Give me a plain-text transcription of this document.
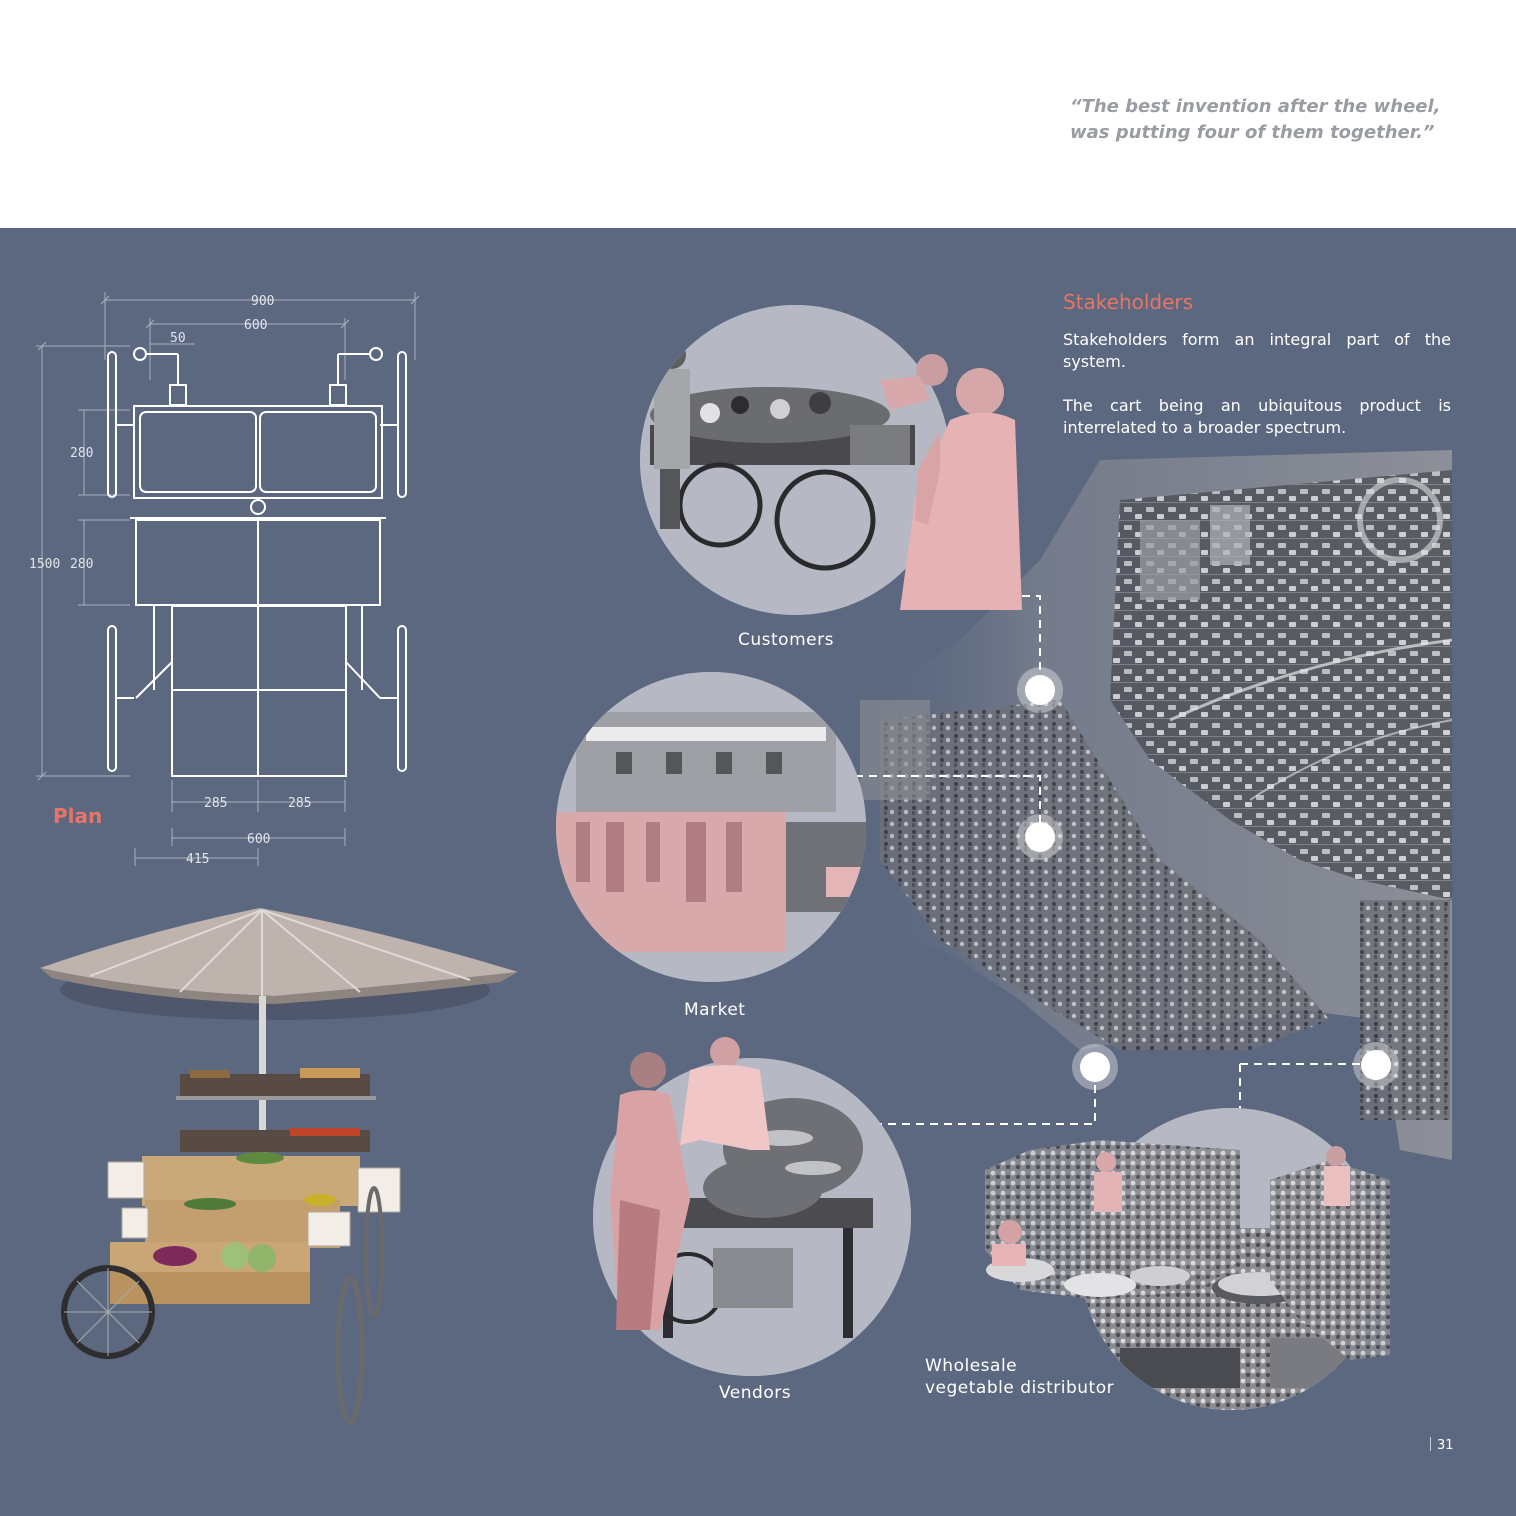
“The best invention after the wheel,
was putting four of them together.”
900
600
50
280
1500 280
285	285
600
415
Plan
Customers
Market
Vendors
Wholesale
vegetable distributor
Stakeholders
Stakeholders form an integral part of the system.
The cart being an ubiquitous product is interrelated to a broader spectrum.
31
